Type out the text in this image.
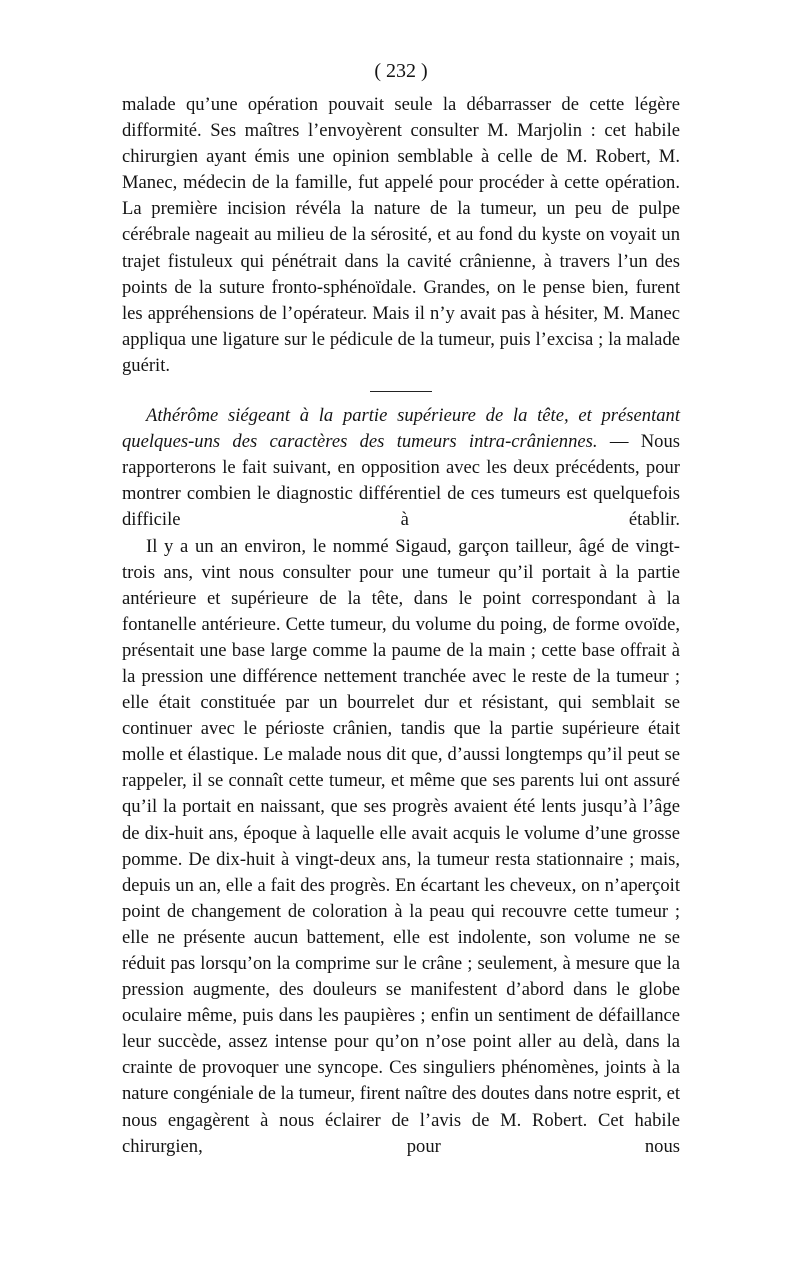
( 232 )

malade qu’une opération pouvait seule la débarrasser de cette légère difformité. Ses maîtres l’envoyèrent consulter M. Marjolin : cet habile chirurgien ayant émis une opinion semblable à celle de M. Robert, M. Manec, médecin de la famille, fut appelé pour procéder à cette opération. La première incision révéla la nature de la tumeur, un peu de pulpe cérébrale nageait au milieu de la sérosité, et au fond du kyste on voyait un trajet fistuleux qui pénétrait dans la cavité crânienne, à travers l’un des points de la suture fronto-sphénoïdale. Grandes, on le pense bien, furent les appréhensions de l’opérateur. Mais il n’y avait pas à hésiter, M. Manec appliqua une ligature sur le pédicule de la tumeur, puis l’excisa ; la malade guérit.

Athérôme siégeant à la partie supérieure de la tête, et présentant quelques-uns des caractères des tumeurs intra-crâniennes. — Nous rapporterons le fait suivant, en opposition avec les deux précédents, pour montrer combien le diagnostic différentiel de ces tumeurs est quelquefois difficile à établir.

Il y a un an environ, le nommé Sigaud, garçon tailleur, âgé de vingt-trois ans, vint nous consulter pour une tumeur qu’il portait à la partie antérieure et supérieure de la tête, dans le point correspondant à la fontanelle antérieure. Cette tumeur, du volume du poing, de forme ovoïde, présentait une base large comme la paume de la main ; cette base offrait à la pression une différence nettement tranchée avec le reste de la tumeur ; elle était constituée par un bourrelet dur et résistant, qui semblait se continuer avec le périoste crânien, tandis que la partie supérieure était molle et élastique. Le malade nous dit que, d’aussi longtemps qu’il peut se rappeler, il se connaît cette tumeur, et même que ses parents lui ont assuré qu’il la portait en naissant, que ses progrès avaient été lents jusqu’à l’âge de dix-huit ans, époque à laquelle elle avait acquis le volume d’une grosse pomme. De dix-huit à vingt-deux ans, la tumeur resta stationnaire ; mais, depuis un an, elle a fait des progrès. En écartant les cheveux, on n’aperçoit point de changement de coloration à la peau qui recouvre cette tumeur ; elle ne présente aucun battement, elle est indolente, son volume ne se réduit pas lorsqu’on la comprime sur le crâne ; seulement, à mesure que la pression augmente, des douleurs se manifestent d’abord dans le globe oculaire même, puis dans les paupières ; enfin un sentiment de défaillance leur succède, assez intense pour qu’on n’ose point aller au delà, dans la crainte de provoquer une syncope. Ces singuliers phénomènes, joints à la nature congéniale de la tumeur, firent naître des doutes dans notre esprit, et nous engagèrent à nous éclairer de l’avis de M. Robert. Cet habile chirurgien, pour nous
